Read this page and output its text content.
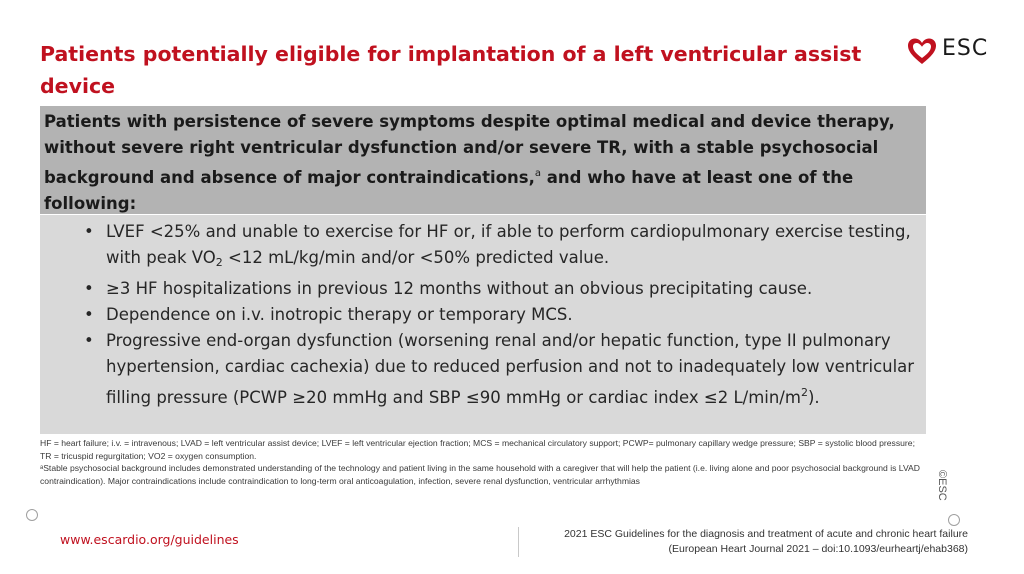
Patients potentially eligible for implantation of a left ventricular assist device
ESC
Patients with persistence of severe symptoms despite optimal medical and device therapy, without severe right ventricular dysfunction and/or severe TR, with a stable psychosocial background and absence of major contraindications,$^a$ and who have at least one of the following:
• LVEF <25% and unable to exercise for HF or, if able to perform cardiopulmonary exercise testing, with peak $VO_2 <12$ mL/kg/min and/or <50% predicted value.
• ≥3 HF hospitalizations in previous 12 months without an obvious precipitating cause.
• Dependence on i.v. inotropic therapy or temporary MCS.
• Progressive end-organ dysfunction (worsening renal and/or hepatic function, type II pulmonary hypertension, cardiac cachexia) due to reduced perfusion and not to inadequately low ventricular filling pressure (PCWP ≥20 mmHg and SBP ≤90 mmHg or cardiac index ≤2 $L/\min/m^2$).
HF = heart failure; i.v. = intravenous; LVAD = left ventricular assist device; LVEF = left ventricular ejection fraction; MCS = mechanical circulatory support; PCWP= pulmonary capillary wedge pressure; SBP = systolic blood pressure; TR = tricuspid regurgitation; VO2 = oxygen consumption.
ᵃStable psychosocial background includes demonstrated understanding of the technology and patient living in the same household with a caregiver that will help the patient (i.e. living alone and poor psychosocial background is LVAD contraindication). Major contraindications include contraindication to long-term oral anticoagulation, infection, severe renal dysfunction, ventricular arrhythmias	©ESC
www.escardio.org/guidelines	2021 ESC Guidelines for the diagnosis and treatment of acute and chronic heart failure
(European Heart Journal 2021 – doi:10.1093/eurheartj/ehab368)
